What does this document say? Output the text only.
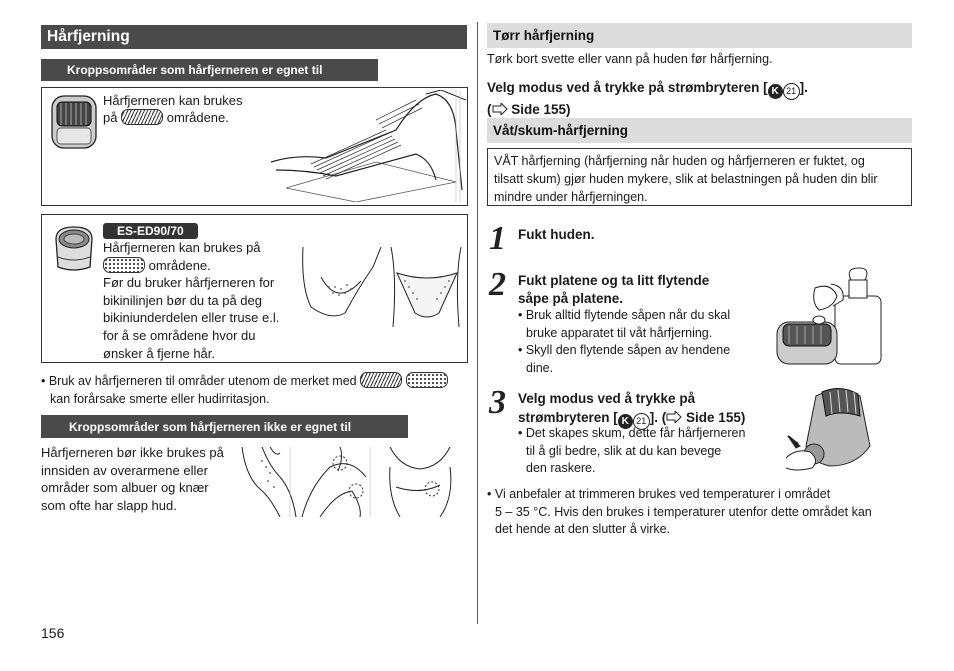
Hårfjerning
Kroppsområder som hårfjerneren er egnet til
Hårfjerneren kan brukes
på	områdene.
ES-ED90/70
Hårfjerneren kan brukes på
områdene.
Før du bruker hårfjerneren for
bikinilinjen bør du ta på deg
bikiniunderdelen eller truse e.l.
for å se områdene hvor du
ønsker å fjerne hår.
• Bruk av hårfjerneren til områder utenom de merket med
kan forårsake smerte eller hudirritasjon.
Kroppsområder som hårfjerneren ikke er egnet til
Hårfjerneren bør ikke brukes på
innsiden av overarmene eller
områder som albuer og knær
som ofte har slapp hud.
156
Tørr hårfjerning
Tørk bort svette eller vann på huden før hårfjerning.
Velg modus ved å trykke på strømbryteren [ K 21 ].
( Side 155)
Våt/skum-hårfjerning
VÅT hårfjerning (hårfjerning når huden og hårfjerneren er fuktet, og
tilsatt skum) gjør huden mykere, slik at belastningen på huden din blir
mindre under hårfjerningen.
1 Fukt huden.
2 Fukt platene og ta litt flytende
såpe på platene.
• Bruk alltid flytende såpen når du skal
bruke apparatet til våt hårfjerning.
• Skyll den flytende såpen av hendene
dine.
3 Velg modus ved å trykke på
strømbryteren [ K 21 ]. ( Side 155)
• Det skapes skum, dette får hårfjerneren
til å gli bedre, slik at du kan bevege
den raskere.
• Vi anbefaler at trimmeren brukes ved temperaturer i området
5 – 35 °C. Hvis den brukes i temperaturer utenfor dette området kan
det hende at den slutter å virke.
